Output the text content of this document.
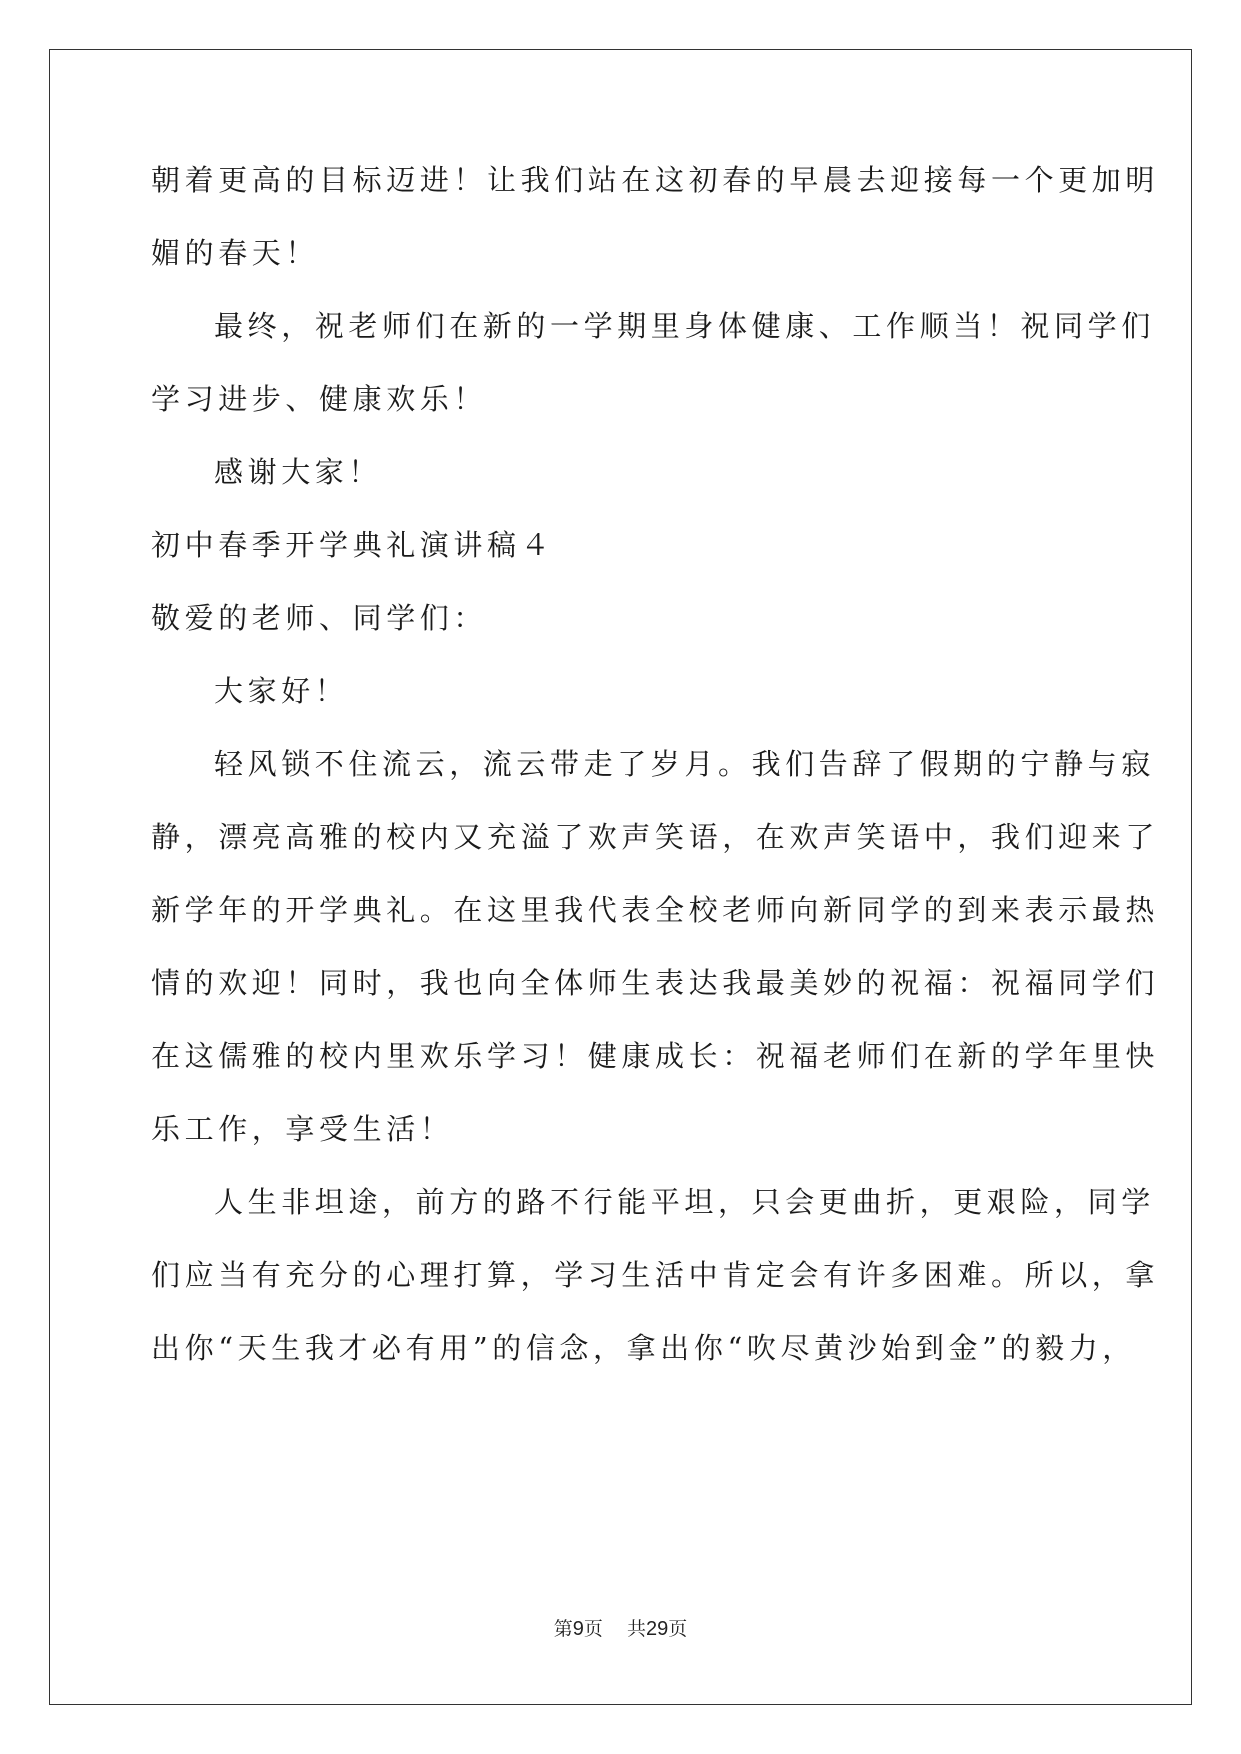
朝着更高的目标迈进！让我们站在这初春的早晨去迎接每一个更加明
媚的春天！
最终，祝老师们在新的一学期里身体健康、工作顺当！祝同学们
学习进步、健康欢乐！
感谢大家！
初中春季开学典礼演讲稿４
敬爱的老师、同学们：
大家好！
轻风锁不住流云，流云带走了岁月。我们告辞了假期的宁静与寂
静，漂亮高雅的校内又充溢了欢声笑语，在欢声笑语中，我们迎来了
新学年的开学典礼。在这里我代表全校老师向新同学的到来表示最热
情的欢迎！同时，我也向全体师生表达我最美妙的祝福：祝福同学们
在这儒雅的校内里欢乐学习！健康成长：祝福老师们在新的学年里快
乐工作，享受生活！
人生非坦途，前方的路不行能平坦，只会更曲折，更艰险，同学
们应当有充分的心理打算，学习生活中肯定会有许多困难。所以，拿
出你“天生我才必有用”的信念，拿出你“吹尽黄沙始到金”的毅力，
第9页 共29页
